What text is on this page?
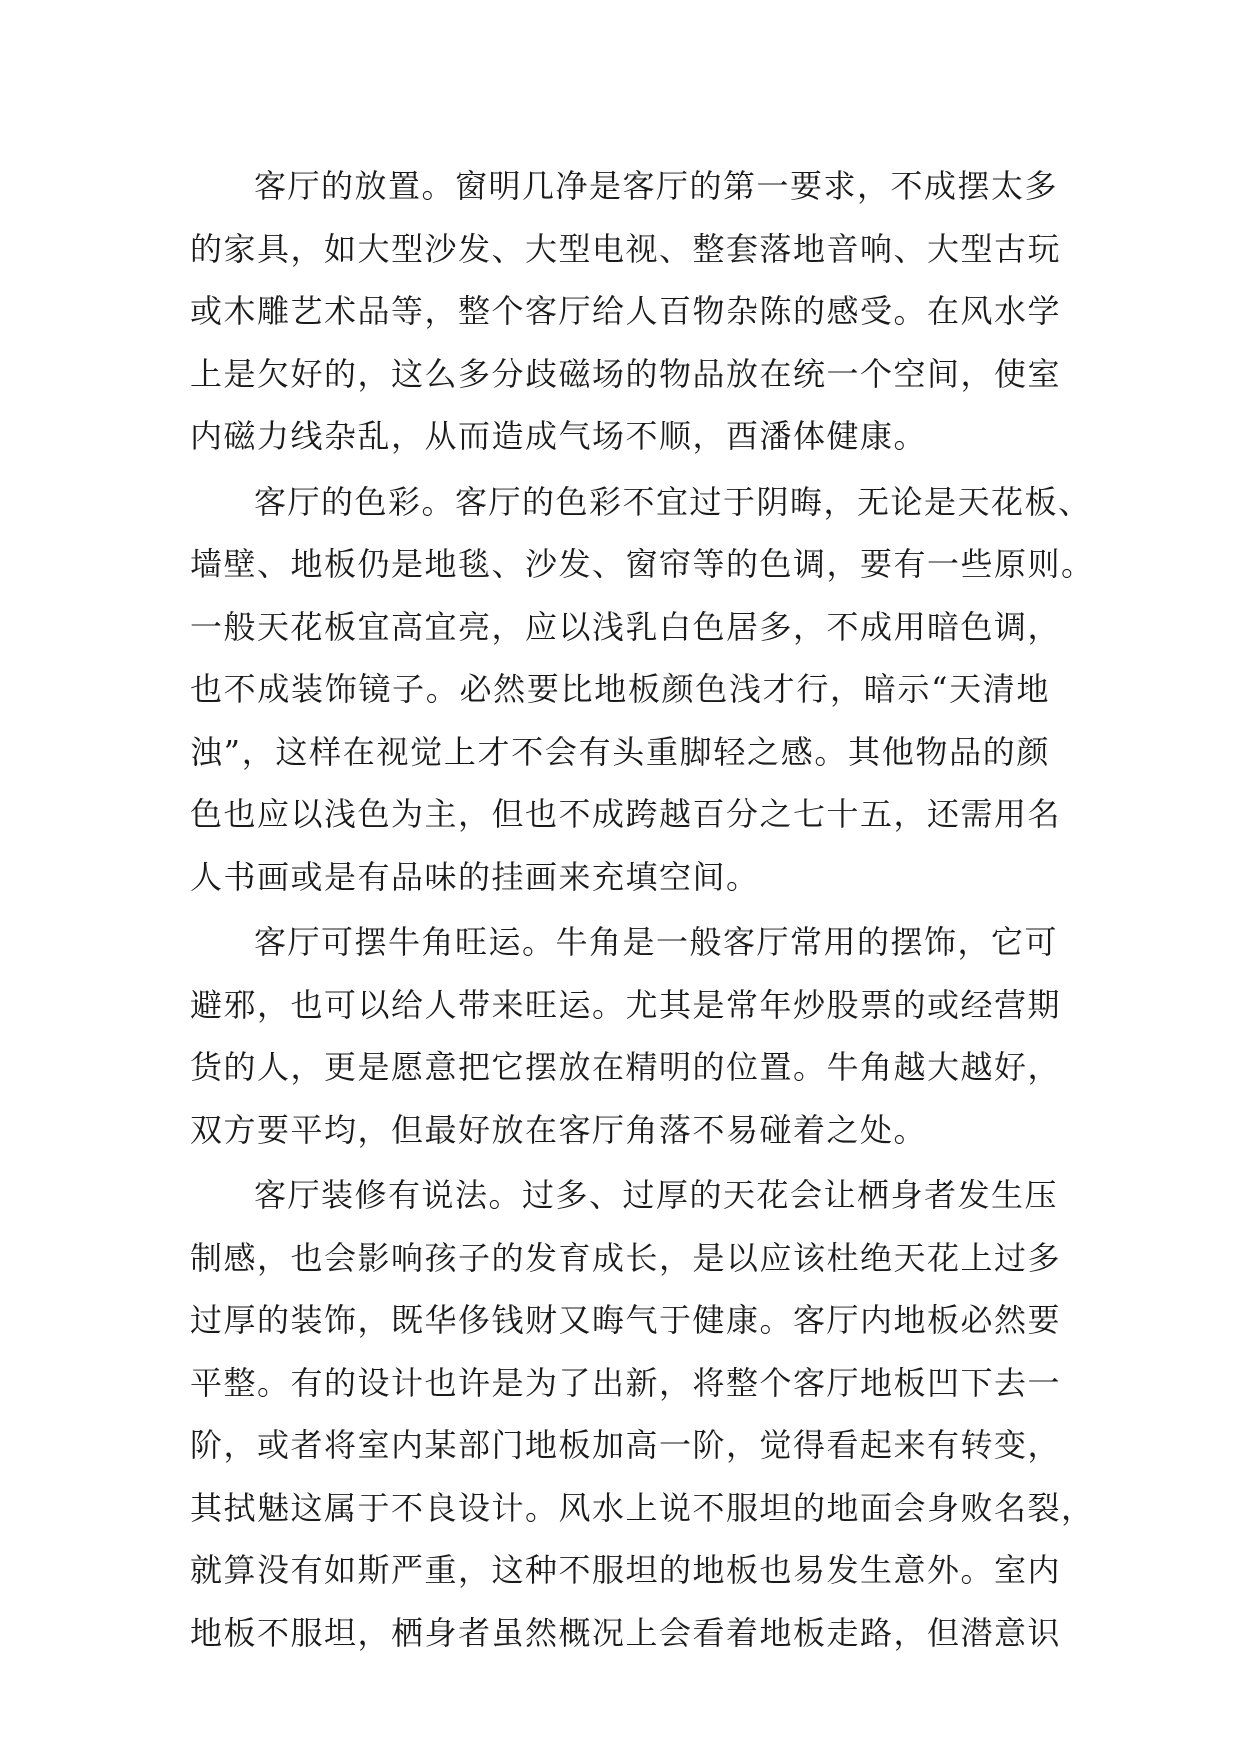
客厅的放置。窗明几净是客厅的第一要求，不成摆太多
的家具，如大型沙发、大型电视、整套落地音响、大型古玩
或木雕艺术品等，整个客厅给人百物杂陈的感受。在风水学
上是欠好的，这么多分歧磁场的物品放在统一个空间，使室
内磁力线杂乱，从而造成气场不顺，酉潘体健康。
客厅的色彩。客厅的色彩不宜过于阴晦，无论是天花板、
墙壁、地板仍是地毯、沙发、窗帘等的色调，要有一些原则。
一般天花板宜高宜亮，应以浅乳白色居多，不成用暗色调，
也不成装饰镜子。必然要比地板颜色浅才行，暗示“天清地
浊”，这样在视觉上才不会有头重脚轻之感。其他物品的颜
色也应以浅色为主，但也不成跨越百分之七十五，还需用名
人书画或是有品味的挂画来充填空间。
客厅可摆牛角旺运。牛角是一般客厅常用的摆饰，它可
避邪，也可以给人带来旺运。尤其是常年炒股票的或经营期
货的人，更是愿意把它摆放在精明的位置。牛角越大越好，
双方要平均，但最好放在客厅角落不易碰着之处。
客厅装修有说法。过多、过厚的天花会让栖身者发生压
制感，也会影响孩子的发育成长，是以应该杜绝天花上过多
过厚的装饰，既华侈钱财又晦气于健康。客厅内地板必然要
平整。有的设计也许是为了出新，将整个客厅地板凹下去一
阶，或者将室内某部门地板加高一阶，觉得看起来有转变，
其拭魅这属于不良设计。风水上说不服坦的地面会身败名裂，
就算没有如斯严重，这种不服坦的地板也易发生意外。室内
地板不服坦，栖身者虽然概况上会看着地板走路，但潜意识
